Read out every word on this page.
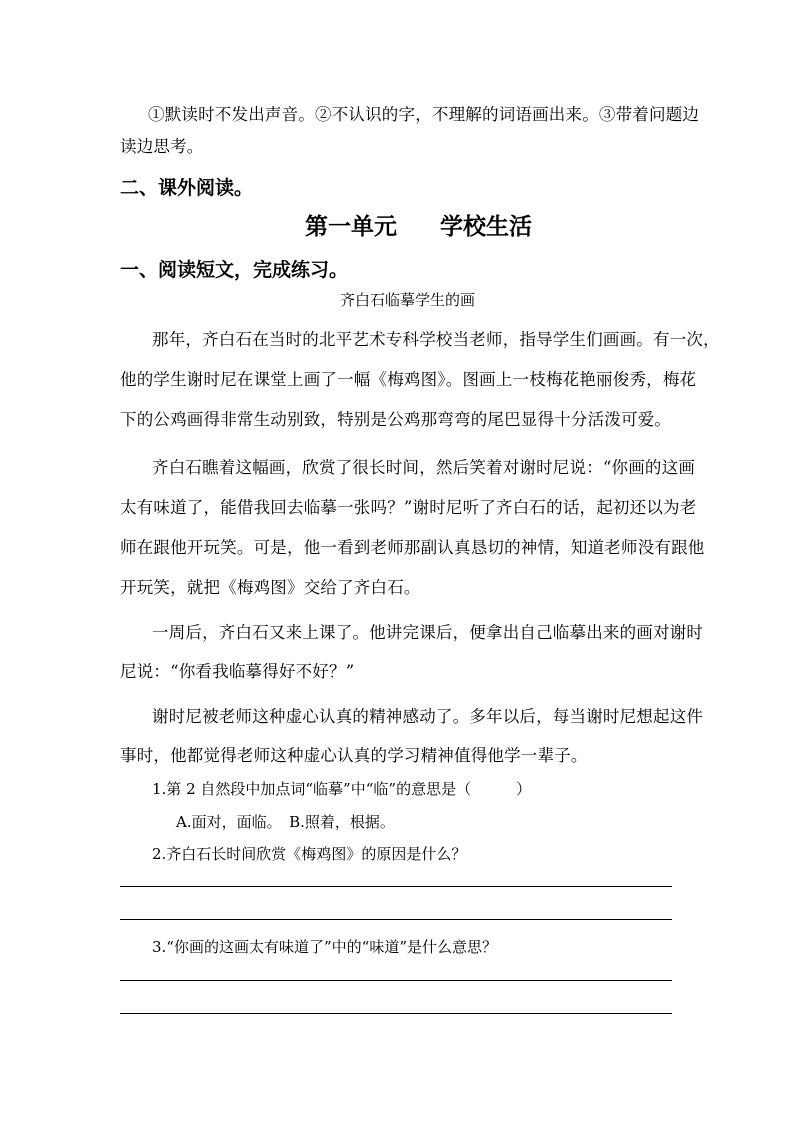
①默读时不发出声音。②不认识的字，不理解的词语画出来。③带着问题边
读边思考。
二、课外阅读。
第一单元 学校生活
一、阅读短文，完成练习。
齐白石临摹学生的画
那年，齐白石在当时的北平艺术专科学校当老师，指导学生们画画。有一次，
他的学生谢时尼在课堂上画了一幅《梅鸡图》。图画上一枝梅花艳丽俊秀，梅花
下的公鸡画得非常生动别致，特别是公鸡那弯弯的尾巴显得十分活泼可爱。
齐白石瞧着这幅画，欣赏了很长时间，然后笑着对谢时尼说：“你画的这画
太有味道了，能借我回去临摹一张吗？”谢时尼听了齐白石的话，起初还以为老
师在跟他开玩笑。可是，他一看到老师那副认真恳切的神情，知道老师没有跟他
开玩笑，就把《梅鸡图》交给了齐白石。
一周后，齐白石又来上课了。他讲完课后，便拿出自己临摹出来的画对谢时
尼说：“你看我临摹得好不好？”
谢时尼被老师这种虚心认真的精神感动了。多年以后，每当谢时尼想起这件
事时，他都觉得老师这种虚心认真的学习精神值得他学一辈子。
1.第 2 自然段中加点词“临摹”中“临”的意思是（　　　）
A.面对，面临。　B.照着，根据。
2.齐白石长时间欣赏《梅鸡图》的原因是什么？
3.“你画的这画太有味道了”中的“味道”是什么意思？
